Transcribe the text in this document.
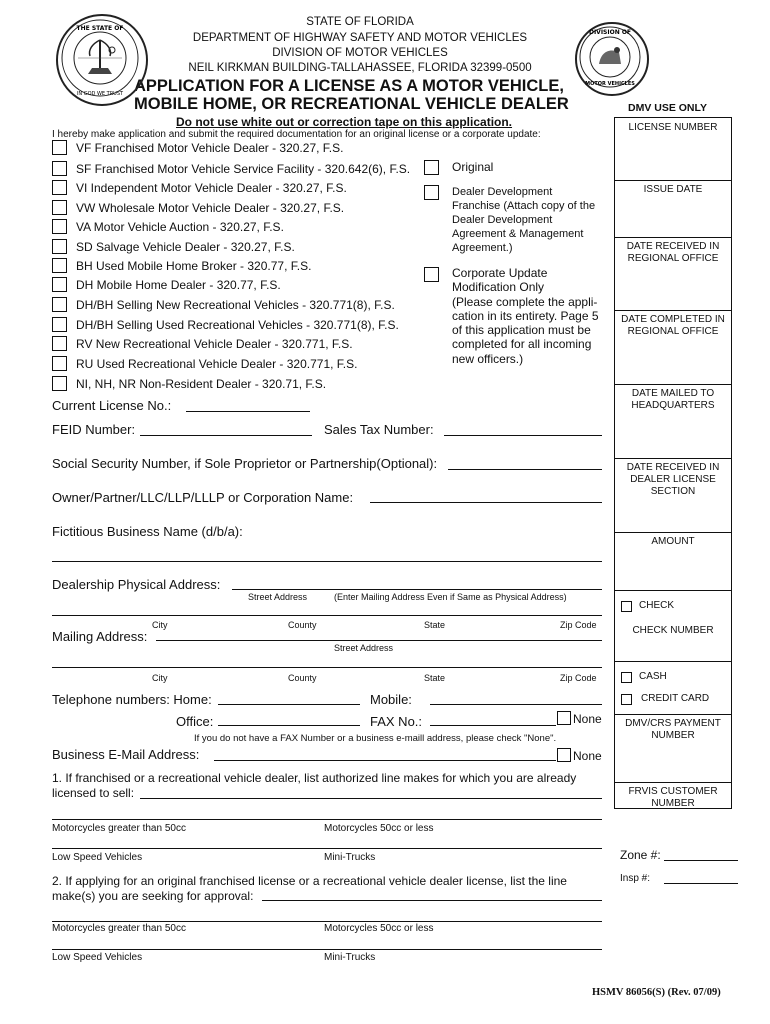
STATE OF FLORIDA
DEPARTMENT OF HIGHWAY SAFETY AND MOTOR VEHICLES
DIVISION OF MOTOR VEHICLES
NEIL KIRKMAN BUILDING-TALLAHASSEE, FLORIDA 32399-0500
APPLICATION FOR A LICENSE AS A MOTOR VEHICLE,
MOBILE HOME, OR RECREATIONAL VEHICLE DEALER	DMV USE ONLY
Do not use white out or correction tape on this application.
I hereby make application and submit the required documentation for an original license or a corporate update:
THE STATE OF
IN GOD WE TRUST
DIVISION OF
MOTOR VEHICLES
VF Franchised Motor Vehicle Dealer - 320.27, F.S.
SF Franchised Motor Vehicle Service Facility - 320.642(6), F.S.
VI Independent Motor Vehicle Dealer - 320.27, F.S.
VW Wholesale Motor Vehicle Dealer - 320.27, F.S.
VA Motor Vehicle Auction - 320.27, F.S.
SD Salvage Vehicle Dealer - 320.27, F.S.
BH Used Mobile Home Broker - 320.77, F.S.
DH Mobile Home Dealer - 320.77, F.S.
DH/BH Selling New Recreational Vehicles - 320.771(8), F.S.
DH/BH Selling Used Recreational Vehicles - 320.771(8), F.S.
RV New Recreational Vehicle Dealer - 320.771, F.S.
RU Used Recreational Vehicle Dealer - 320.771, F.S.
NI, NH, NR Non-Resident Dealer - 320.71, F.S.
Original
Dealer Development
Franchise (Attach copy of the
Dealer Development
Agreement & Management
Agreement.)
Corporate Update
Modification Only
(Please complete the appli-
cation in its entirety. Page 5
of this application must be
completed for all incoming
new officers.)
Current License No.:
FEID Number:	Sales Tax Number:
Social Security Number, if Sole Proprietor or Partnership(Optional):
Owner/Partner/LLC/LLP/LLLP or Corporation Name:
Fictitious Business Name (d/b/a):
Dealership Physical Address:
Street Address	(Enter Mailing Address Even if Same as Physical Address)
City	County	State	Zip Code
Mailing Address:
Street Address
City	County	State	Zip Code
Telephone numbers: Home:	Mobile:
Office:	FAX No.:	None
If you do not have a FAX Number or a business e-maill address, please check "None".
Business E-Mail Address:	None
1. If franchised or a recreational vehicle dealer, list authorized line makes for which you are already
licensed to sell:
Motorcycles greater than 50cc	Motorcycles 50cc or less
Low Speed Vehicles	Mini-Trucks
2. If applying for an original franchised license or a recreational vehicle dealer license, list the line
make(s) you are seeking for approval:
Motorcycles greater than 50cc	Motorcycles 50cc or less
Low Speed Vehicles	Mini-Trucks
LICENSE NUMBER
ISSUE DATE
DATE RECEIVED IN
REGIONAL OFFICE
DATE COMPLETED IN
REGIONAL OFFICE
DATE MAILED TO
HEADQUARTERS
DATE RECEIVED IN
DEALER LICENSE
SECTION
AMOUNT
CHECK
CHECK NUMBER
CASH
CREDIT CARD
DMV/CRS PAYMENT
NUMBER
FRVIS CUSTOMER
NUMBER
Zone #:
Insp #:
HSMV 86056(S) (Rev. 07/09)
